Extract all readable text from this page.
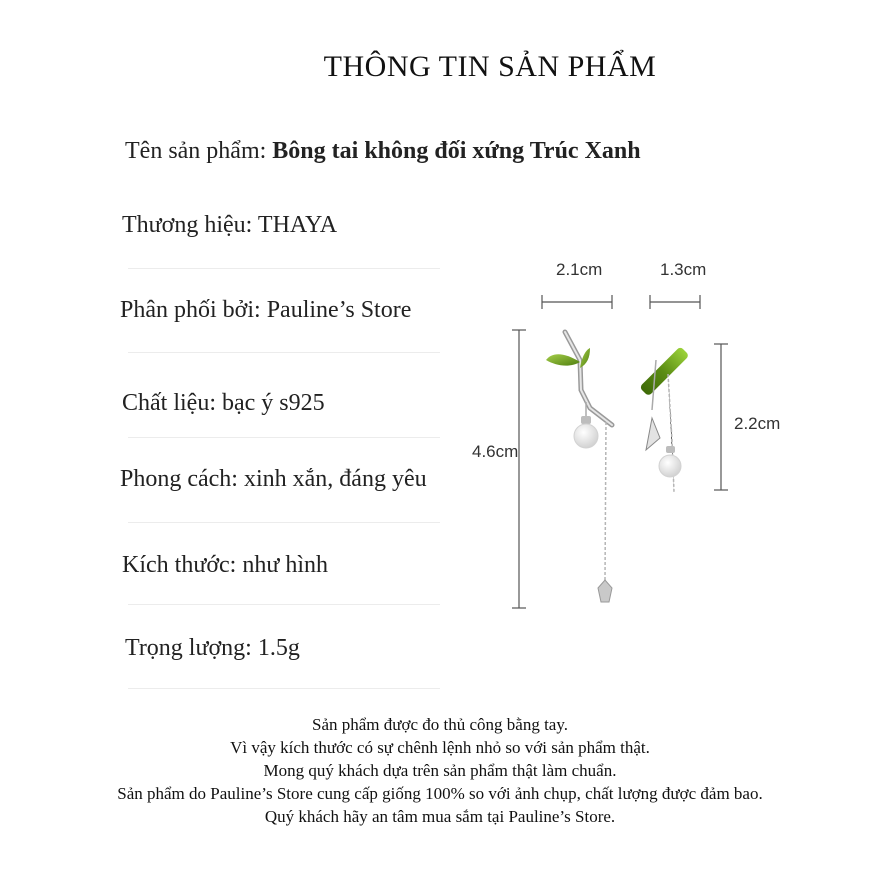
THÔNG TIN SẢN PHẨM
Tên sản phẩm: Bông tai không đối xứng Trúc Xanh
Thương hiệu: THAYA
Phân phối bởi: Pauline’s Store
Chất liệu: bạc ý s925
Phong cách: xinh xắn, đáng yêu
Kích thước: như hình
Trọng lượng: 1.5g
2.1cm	1.3cm
4.6cm
2.2cm
Sản phẩm được đo thủ công bằng tay.
Vì vậy kích thước có sự chênh lệnh nhỏ so với sản phẩm thật.
Mong quý khách dựa trên sản phẩm thật làm chuẩn.
Sản phẩm do Pauline’s Store cung cấp giống 100% so với ảnh chụp, chất lượng được đảm bao.
Quý khách hãy an tâm mua sắm tại Pauline’s Store.
